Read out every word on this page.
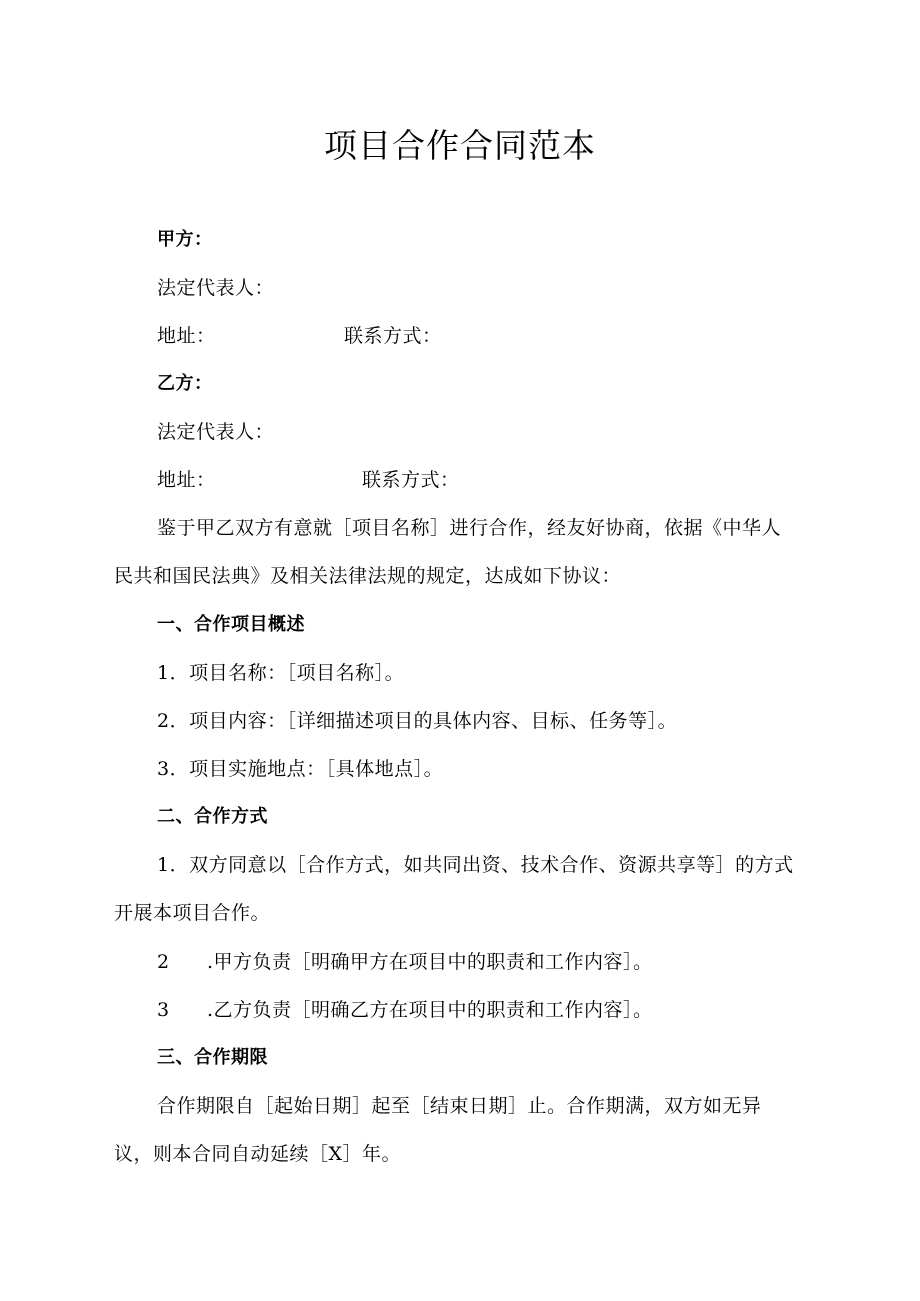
项目合作合同范本

甲方：

法定代表人：

地址：	联系方式：

乙方：

法定代表人：

地址：	联系方式：

鉴于甲乙双方有意就［项目名称］进行合作，经友好协商，依据《中华人

民共和国民法典》及相关法律法规的规定，达成如下协议：

一、合作项目概述

1．项目名称：［项目名称］。

2．项目内容：［详细描述项目的具体内容、目标、任务等］。

3．项目实施地点：［具体地点］。

二、合作方式

1．双方同意以［合作方式，如共同出资、技术合作、资源共享等］的方式

开展本项目合作。

2 .甲方负责［明确甲方在项目中的职责和工作内容］。

3 .乙方负责［明确乙方在项目中的职责和工作内容］。

三、合作期限

合作期限自［起始日期］起至［结束日期］止。合作期满，双方如无异

议，则本合同自动延续［X］年。
